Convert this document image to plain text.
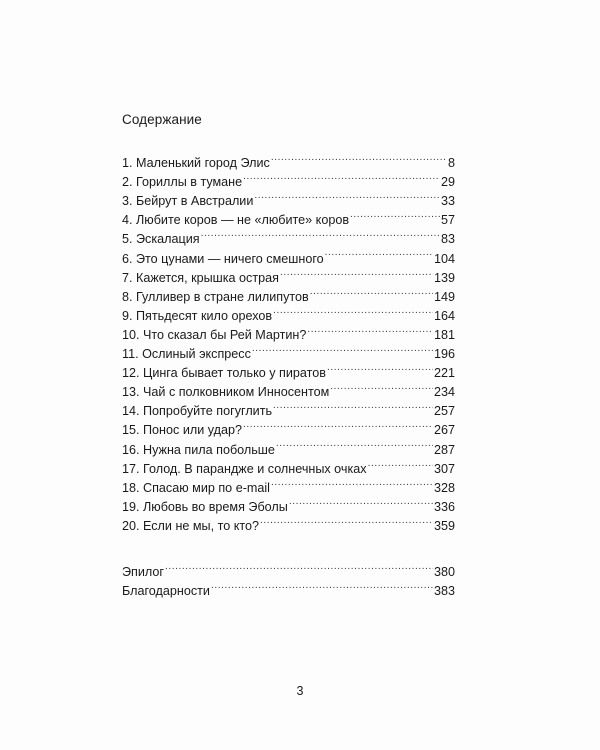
Содержание
1. Маленький город Элис .....	8
2. Гориллы в тумане .....	29
3. Бейрут в Австралии .....	33
4. Любите коров — не «любите» коров .....	57
5. Эскалация .....	83
6. Это цунами — ничего смешного .....	104
7. Кажется, крышка острая .....	139
8. Гулливер в стране лилипутов .....	149
9. Пятьдесят кило орехов .....	164
10. Что сказал бы Рей Мартин? .....	181
11. Ослиный экспресс .....	196
12. Цинга бывает только у пиратов .....	221
13. Чай с полковником Инносентом .....	234
14. Попробуйте погуглить .....	257
15. Понос или удар? .....	267
16. Нужна пила побольше .....	287
17. Голод. В парандже и солнечных очках .....	307
18. Спасаю мир по e-mail .....	328
19. Любовь во время Эболы .....	336
20. Если не мы, то кто? .....	359
Эпилог .....	380
Благодарности .....	383
3
